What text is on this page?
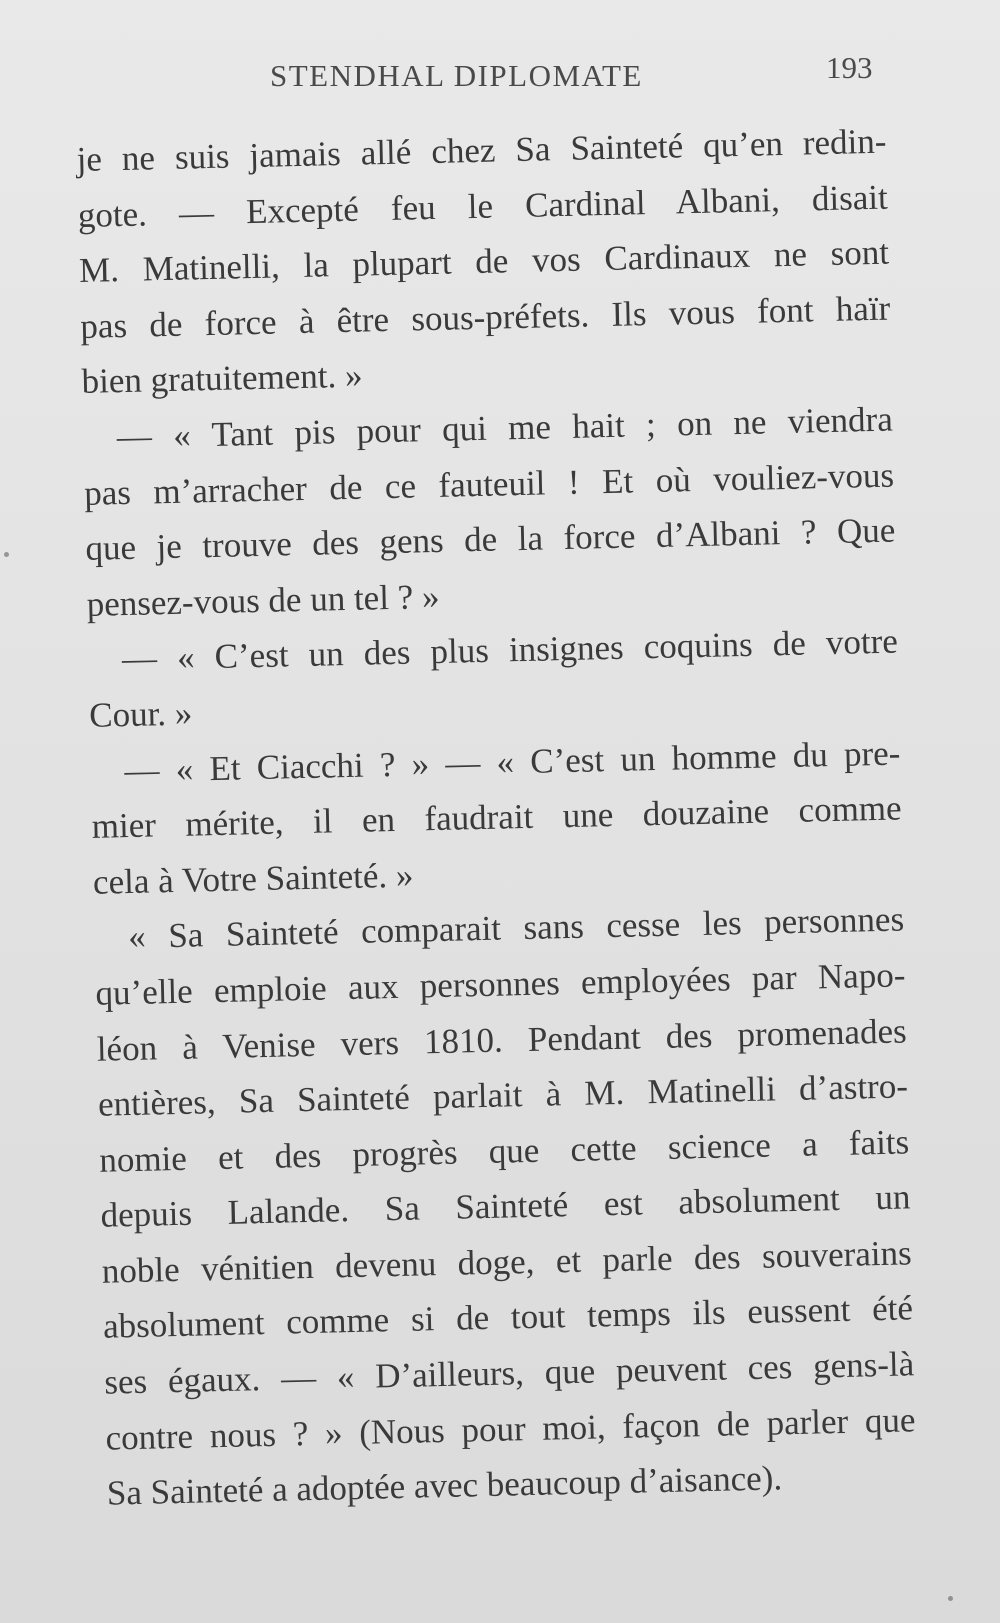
STENDHAL DIPLOMATE	193
je ne suis jamais allé chez Sa Sainteté qu’en redin-
gote. — Excepté feu le Cardinal Albani, disait
M. Matinelli, la plupart de vos Cardinaux ne sont
pas de force à être sous-préfets. Ils vous font haïr
bien gratuitement. »
— « Tant pis pour qui me hait ; on ne viendra
pas m’arracher de ce fauteuil ! Et où vouliez-vous
que je trouve des gens de la force d’Albani ? Que
pensez-vous de un tel ? »
— « C’est un des plus insignes coquins de votre
Cour. »
— « Et Ciacchi ? » — « C’est un homme du pre-
mier mérite, il en faudrait une douzaine comme
cela à Votre Sainteté. »
« Sa Sainteté comparait sans cesse les personnes
qu’elle emploie aux personnes employées par Napo-
léon à Venise vers 1810. Pendant des promenades
entières, Sa Sainteté parlait à M. Matinelli d’astro-
nomie et des progrès que cette science a faits
depuis Lalande. Sa Sainteté est absolument un
noble vénitien devenu doge, et parle des souverains
absolument comme si de tout temps ils eussent été
ses égaux. — « D’ailleurs, que peuvent ces gens-là
contre nous ? » (Nous pour moi, façon de parler que
Sa Sainteté a adoptée avec beaucoup d’aisance).
